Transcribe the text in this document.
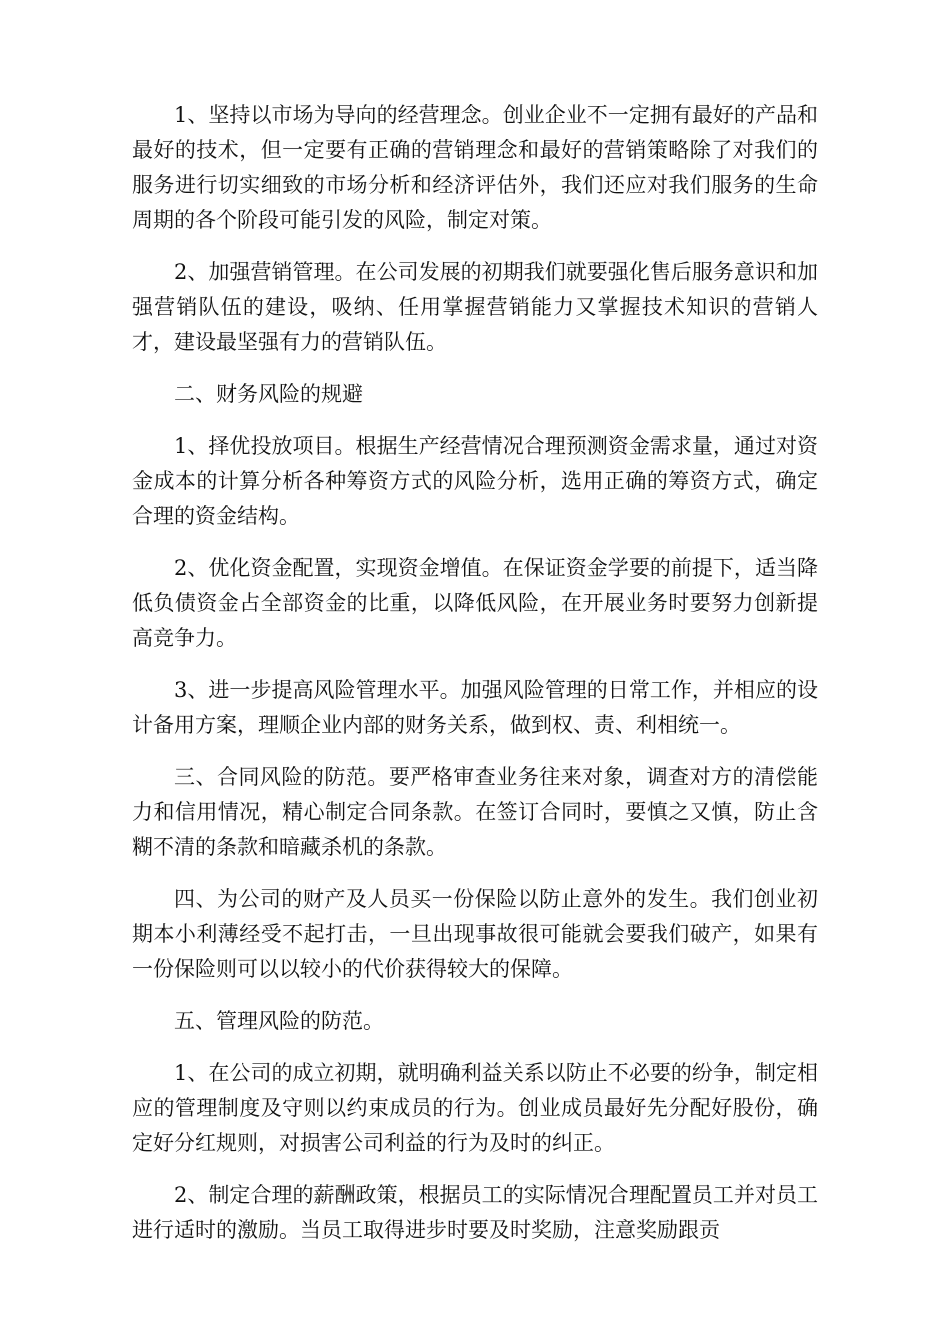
1、坚持以市场为导向的经营理念。创业企业不一定拥有最好的产品和最好的技术，但一定要有正确的营销理念和最好的营销策略除了对我们的服务进行切实细致的市场分析和经济评估外，我们还应对我们服务的生命周期的各个阶段可能引发的风险，制定对策。

2、加强营销管理。在公司发展的初期我们就要强化售后服务意识和加强营销队伍的建设，吸纳、任用掌握营销能力又掌握技术知识的营销人才，建设最坚强有力的营销队伍。

二、财务风险的规避

1、择优投放项目。根据生产经营情况合理预测资金需求量，通过对资金成本的计算分析各种筹资方式的风险分析，选用正确的筹资方式，确定合理的资金结构。

2、优化资金配置，实现资金增值。在保证资金学要的前提下，适当降低负债资金占全部资金的比重，以降低风险，在开展业务时要努力创新提高竞争力。

3、进一步提高风险管理水平。加强风险管理的日常工作，并相应的设计备用方案，理顺企业内部的财务关系，做到权、责、利相统一。

三、合同风险的防范。要严格审查业务往来对象，调查对方的清偿能力和信用情况，精心制定合同条款。在签订合同时，要慎之又慎，防止含糊不清的条款和暗藏杀机的条款。

四、为公司的财产及人员买一份保险以防止意外的发生。我们创业初期本小利薄经受不起打击，一旦出现事故很可能就会要我们破产，如果有一份保险则可以以较小的代价获得较大的保障。

五、管理风险的防范。

1、在公司的成立初期，就明确利益关系以防止不必要的纷争，制定相应的管理制度及守则以约束成员的行为。创业成员最好先分配好股份，确定好分红规则，对损害公司利益的行为及时的纠正。

2、制定合理的薪酬政策，根据员工的实际情况合理配置员工并对员工进行适时的激励。当员工取得进步时要及时奖励，注意奖励跟贡
